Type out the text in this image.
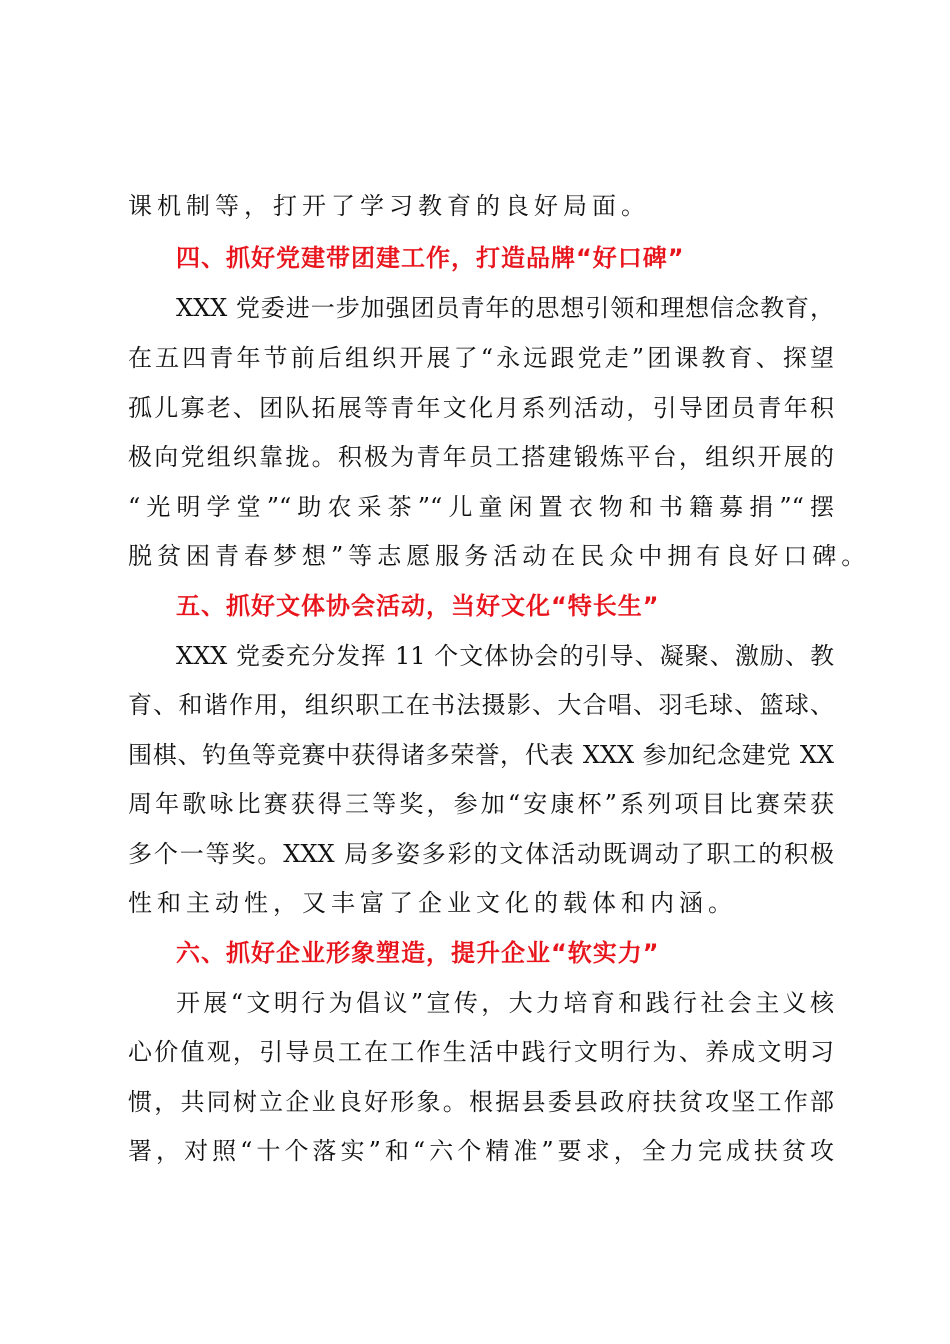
课机制等，打开了学习教育的良好局面。
四、抓好党建带团建工作，打造品牌“好口碑”
XXX 党委进一步加强团员青年的思想引领和理想信念教育，
在五四青年节前后组织开展了“永远跟党走”团课教育、探望
孤儿寡老、团队拓展等青年文化月系列活动，引导团员青年积
极向党组织靠拢。积极为青年员工搭建锻炼平台，组织开展的
“光明学堂”“助农采茶”“儿童闲置衣物和书籍募捐”“摆
脱贫困青春梦想”等志愿服务活动在民众中拥有良好口碑。
五、抓好文体协会活动，当好文化“特长生”
XXX 党委充分发挥 11 个文体协会的引导、凝聚、激励、教
育、和谐作用，组织职工在书法摄影、大合唱、羽毛球、篮球、
围棋、钓鱼等竞赛中获得诸多荣誉，代表 XXX 参加纪念建党 XX
周年歌咏比赛获得三等奖，参加“安康杯”系列项目比赛荣获
多个一等奖。XXX 局多姿多彩的文体活动既调动了职工的积极
性和主动性，又丰富了企业文化的载体和内涵。
六、抓好企业形象塑造，提升企业“软实力”
开展“文明行为倡议”宣传，大力培育和践行社会主义核
心价值观，引导员工在工作生活中践行文明行为、养成文明习
惯，共同树立企业良好形象。根据县委县政府扶贫攻坚工作部
署，对照“十个落实”和“六个精准”要求，全力完成扶贫攻
